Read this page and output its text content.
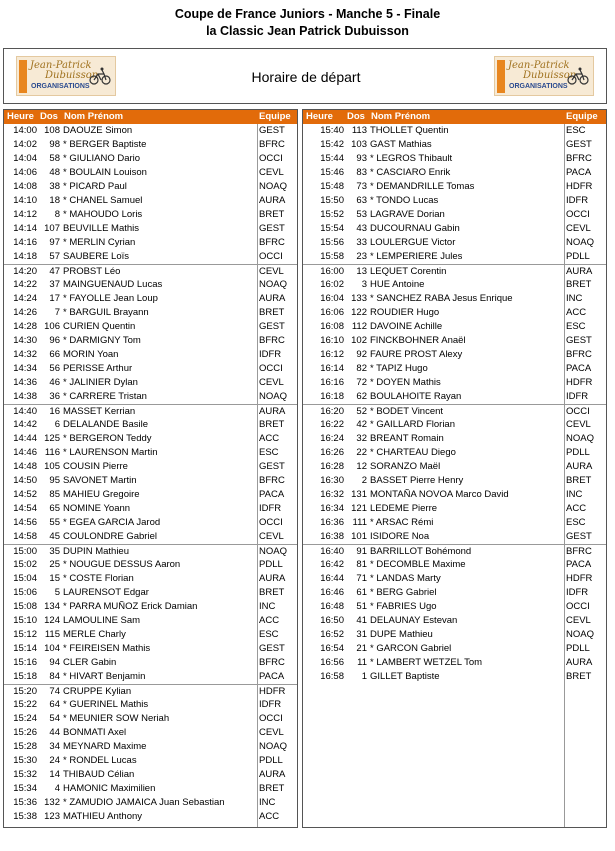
Coupe de France Juniors - Manche 5 - Finale
la Classic Jean Patrick Dubuisson
Jean-Patrick
Dubuisson
ORGANISATIONS
Horaire de départ
Jean-Patrick
Dubuisson
ORGANISATIONS
Heure Dos Nom Prénom	Equipe
14:00 108 DAOUZE Simon	GEST
14:02	98 * BERGER Baptiste	BFRC
14:04	58 * GIULIANO Dario	OCCI
14:06	48 * BOULAIN Louison	CEVL
14:08	38 * PICARD Paul	NOAQ
14:10	18 * CHANEL Samuel	AURA
14:12	8 * MAHOUDO Loris	BRET
14:14 107 BEUVILLE Mathis	GEST
14:16	97 * MERLIN Cyrian	BFRC
14:18	57 SAUBERE Loïs	OCCI
14:20	47 PROBST Léo	CEVL
14:22	37 MAINGUENAUD Lucas	NOAQ
14:24	17 * FAYOLLE Jean Loup	AURA
14:26	7 * BARGUIL Brayann	BRET
14:28 106 CURIEN Quentin	GEST
14:30	96 * DARMIGNY Tom	BFRC
14:32	66 MORIN Yoan	IDFR
14:34	56 PERISSE Arthur	OCCI
14:36	46 * JALINIER Dylan	CEVL
14:38	36 * CARRERE Tristan	NOAQ
14:40	16 MASSET Kerrian	AURA
14:42	6 DELALANDE Basile	BRET
14:44 125 * BERGERON Teddy	ACC
14:46 116 * LAURENSON Martin	ESC
14:48 105 COUSIN Pierre	GEST
14:50	95 SAVONET Martin	BFRC
14:52	85 MAHIEU Gregoire	PACA
14:54	65 NOMINE Yoann	IDFR
14:56	55 * EGEA GARCIA Jarod	OCCI
14:58	45 COULONDRE Gabriel	CEVL
15:00	35 DUPIN Mathieu	NOAQ
15:02	25 * NOUGUE DESSUS Aaron	PDLL
15:04	15 * COSTE Florian	AURA
15:06	5 LAURENSOT Edgar	BRET
15:08 134 * PARRA MUÑOZ Erick Damian	INC
15:10 124 LAMOULINE Sam	ACC
15:12 115 MERLE Charly	ESC
15:14 104 * FEIREISEN Mathis	GEST
15:16	94 CLER Gabin	BFRC
15:18	84 * HIVART Benjamin	PACA
15:20	74 CRUPPE Kylian	HDFR
15:22	64 * GUERINEL Mathis	IDFR
15:24	54 * MEUNIER SOW Neriah	OCCI
15:26	44 BONMATI Axel	CEVL
15:28	34 MEYNARD Maxime	NOAQ
15:30	24 * RONDEL Lucas	PDLL
15:32	14 THIBAUD Célian	AURA
15:34	4 HAMONIC Maximilien	BRET
15:36 132 * ZAMUDIO JAMAICA Juan Sebastian	INC
15:38 123 MATHIEU Anthony	ACC
Heure Dos Nom Prénom	Equipe
15:40 113 THOLLET Quentin	ESC
15:42 103 GAST Mathias	GEST
15:44	93 * LEGROS Thibault	BFRC
15:46	83 * CASCIARO Enrik	PACA
15:48	73 * DEMANDRILLE Tomas	HDFR
15:50	63 * TONDO Lucas	IDFR
15:52	53 LAGRAVE Dorian	OCCI
15:54	43 DUCOURNAU Gabin	CEVL
15:56	33 LOULERGUE Victor	NOAQ
15:58	23 * LEMPERIERE Jules	PDLL
16:00	13 LEQUET Corentin	AURA
16:02	3 HUE Antoine	BRET
16:04 133 * SANCHEZ RABA Jesus Enrique	INC
16:06 122 ROUDIER Hugo	ACC
16:08 112 DAVOINE Achille	ESC
16:10 102 FINCKBOHNER Anaël	GEST
16:12	92 FAURE PROST Alexy	BFRC
16:14	82 * TAPIZ Hugo	PACA
16:16	72 * DOYEN Mathis	HDFR
16:18	62 BOULAHOITE Rayan	IDFR
16:20	52 * BODET Vincent	OCCI
16:22	42 * GAILLARD Florian	CEVL
16:24	32 BREANT Romain	NOAQ
16:26	22 * CHARTEAU Diego	PDLL
16:28	12 SORANZO Maël	AURA
16:30	2 BASSET Pierre Henry	BRET
16:32 131 MONTAÑA NOVOA Marco David	INC
16:34 121 LEDEME Pierre	ACC
16:36 111 * ARSAC Rémi	ESC
16:38 101 ISIDORE Noa	GEST
16:40	91 BARRILLOT Bohémond	BFRC
16:42	81 * DECOMBLE Maxime	PACA
16:44	71 * LANDAS Marty	HDFR
16:46	61 * BERG Gabriel	IDFR
16:48	51 * FABRIES Ugo	OCCI
16:50	41 DELAUNAY Estevan	CEVL
16:52	31 DUPE Mathieu	NOAQ
16:54	21 * GARCON Gabriel	PDLL
16:56	11 * LAMBERT WETZEL Tom	AURA
16:58	1 GILLET Baptiste	BRET
